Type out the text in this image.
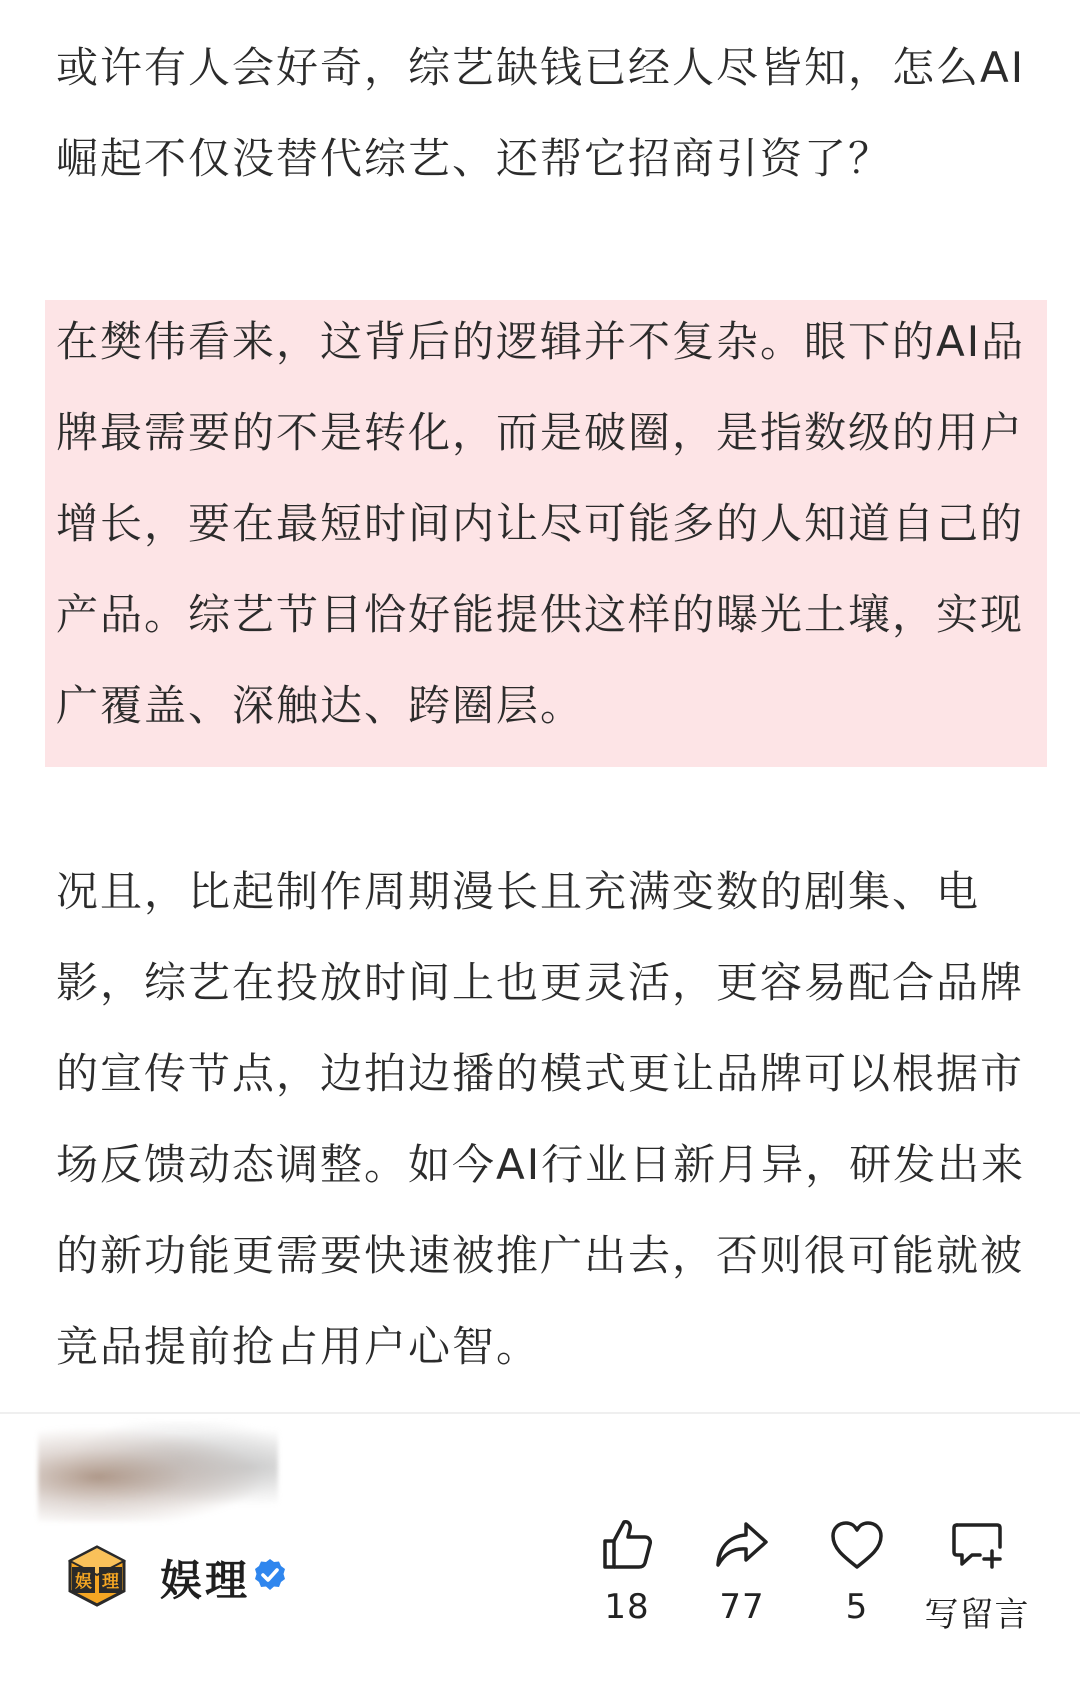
或许有人会好奇，综艺缺钱已经人尽皆知，怎么AI崛起不仅没替代综艺、还帮它招商引资了？

在樊伟看来，这背后的逻辑并不复杂。眼下的AI品牌最需要的不是转化，而是破圈，是指数级的用户增长，要在最短时间内让尽可能多的人知道自己的产品。综艺节目恰好能提供这样的曝光土壤，实现广覆盖、深触达、跨圈层。

况且，比起制作周期漫长且充满变数的剧集、电影，综艺在投放时间上也更灵活，更容易配合品牌的宣传节点，边拍边播的模式更让品牌可以根据市场反馈动态调整。如今AI行业日新月异，研发出来的新功能更需要快速被推广出去，否则很可能就被竞品提前抢占用户心智。

娱 理 娱理
18	77	5	写留言
